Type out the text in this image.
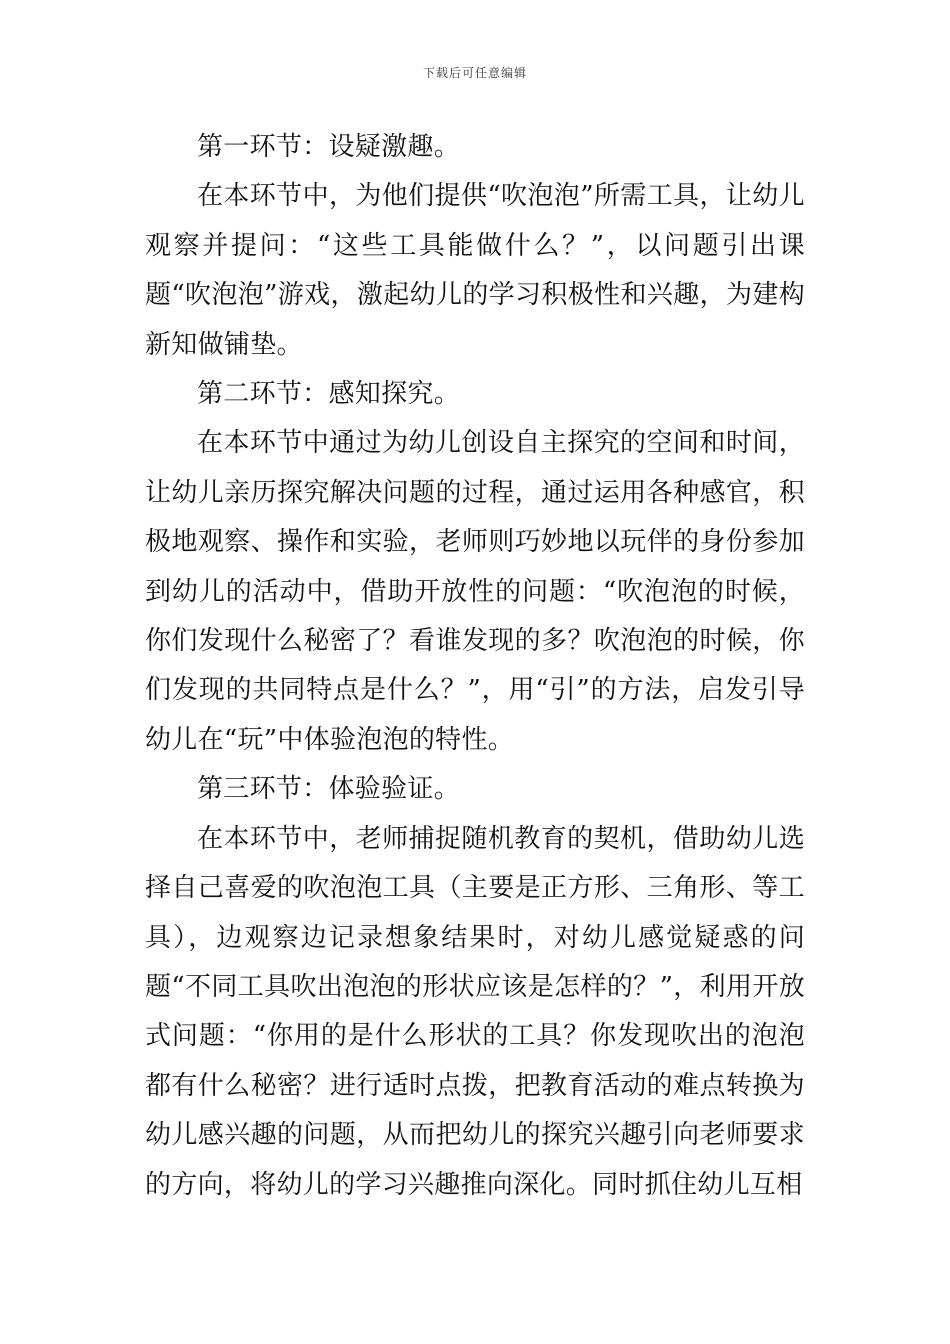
下载后可任意编辑

第一环节：设疑激趣。

在本环节中，为他们提供“吹泡泡”所需工具，让幼儿观察并提问：“这些工具能做什么？”，以问题引出课题“吹泡泡”游戏，激起幼儿的学习积极性和兴趣，为建构新知做铺垫。

第二环节：感知探究。

在本环节中通过为幼儿创设自主探究的空间和时间，让幼儿亲历探究解决问题的过程，通过运用各种感官，积极地观察、操作和实验，老师则巧妙地以玩伴的身份参加到幼儿的活动中，借助开放性的问题：“吹泡泡的时候，你们发现什么秘密了？看谁发现的多？吹泡泡的时候，你们发现的共同特点是什么？”，用“引”的方法，启发引导幼儿在“玩”中体验泡泡的特性。

第三环节：体验验证。

在本环节中，老师捕捉随机教育的契机，借助幼儿选择自己喜爱的吹泡泡工具（主要是正方形、三角形、等工具），边观察边记录想象结果时，对幼儿感觉疑惑的问题“不同工具吹出泡泡的形状应该是怎样的？”，利用开放式问题：“你用的是什么形状的工具？你发现吹出的泡泡都有什么秘密？进行适时点拨，把教育活动的难点转换为幼儿感兴趣的问题，从而把幼儿的探究兴趣引向老师要求的方向，将幼儿的学习兴趣推向深化。同时抓住幼儿互相
